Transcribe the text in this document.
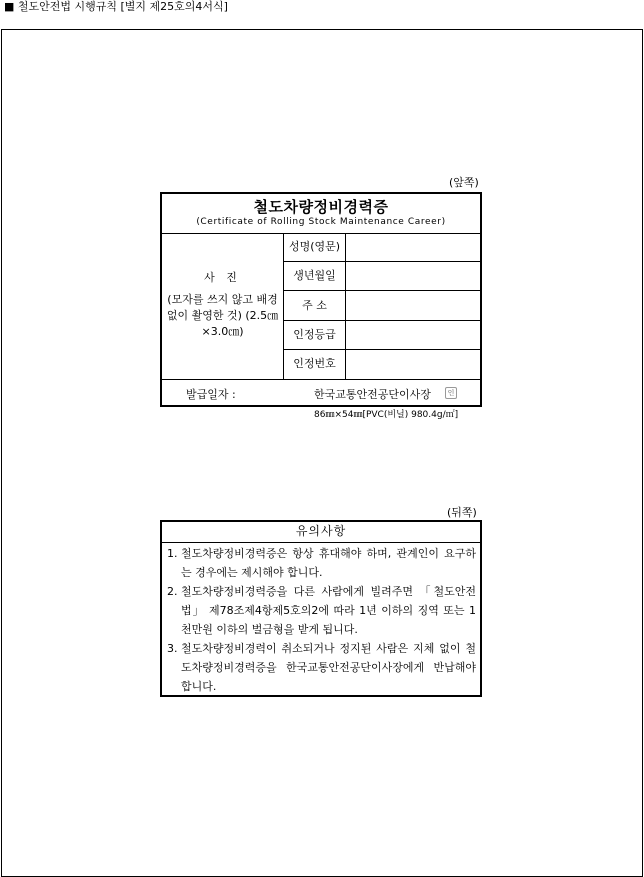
■ 철도안전법 시행규칙 [별지 제25호의4서식]
(앞쪽)
철도차량정비경력증
(Certificate of Rolling Stock Maintenance Career)
사 진
(모자를 쓰지 않고 배경 없이 촬영한 것) (2.5㎝×3.0㎝)
성명(영문)
생년월일
주 소
인정등급
인정번호
발급일자 :	한국교통안전공단이사장	인
86㎜×54㎜[PVC(비닐) 980.4g/㎡]
(뒤쪽)
유의사항
1. 철도차량정비경력증은 항상 휴대해야 하며, 관계인이 요구하는 경우에는 제시해야 합니다.
2. 철도차량정비경력증을 다른 사람에게 빌려주면 「철도안전법」 제78조제4항제5호의2에 따라 1년 이하의 징역 또는 1천만원 이하의 벌금형을 받게 됩니다.
3. 철도차량정비경력이 취소되거나 정지된 사람은 지체 없이 철도차량정비경력증을 한국교통안전공단이사장에게 반납해야 합니다.
